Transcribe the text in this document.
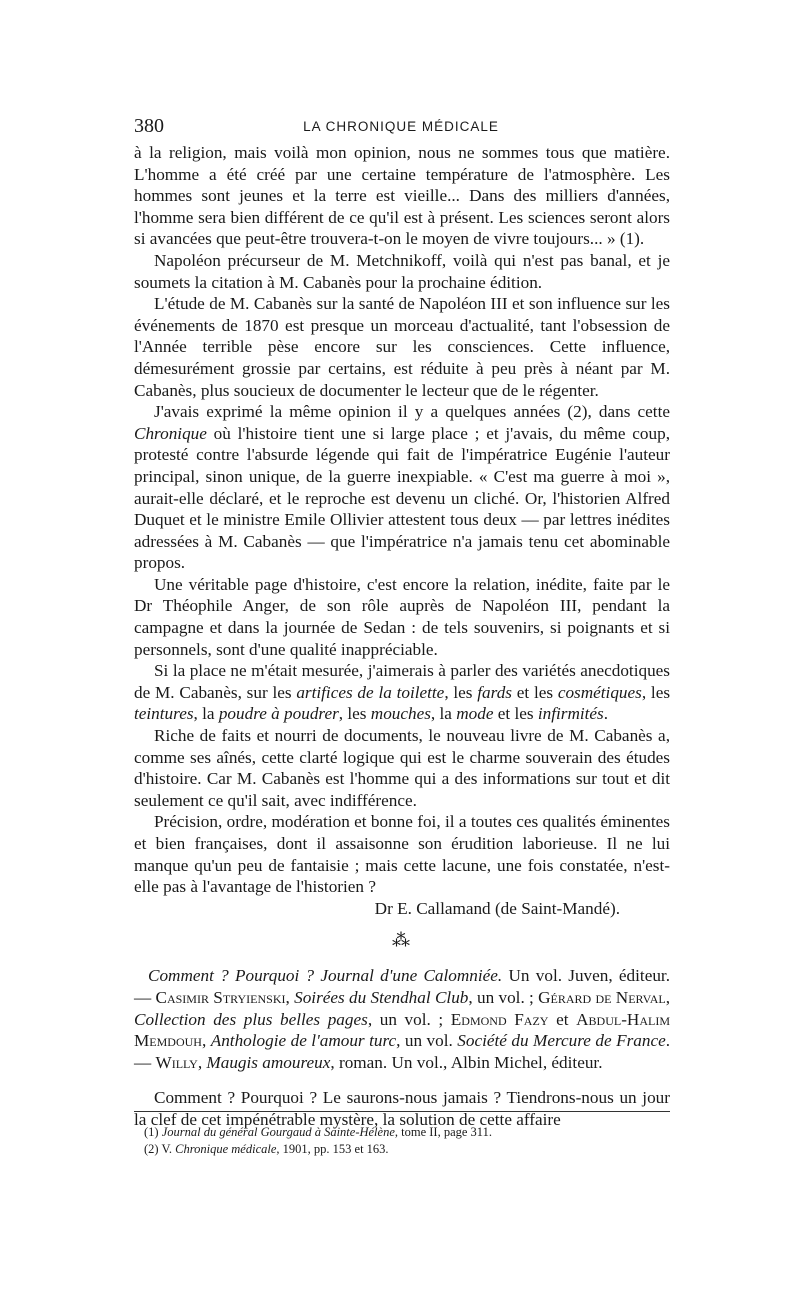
380	LA CHRONIQUE MÉDICALE

à la religion, mais voilà mon opinion, nous ne sommes tous que matière. L'homme a été créé par une certaine température de l'atmosphère. Les hommes sont jeunes et la terre est vieille... Dans des milliers d'années, l'homme sera bien différent de ce qu'il est à présent. Les sciences seront alors si avancées que peut-être trouvera-t-on le moyen de vivre toujours... » (1).

Napoléon précurseur de M. Metchnikoff, voilà qui n'est pas banal, et je soumets la citation à M. Cabanès pour la prochaine édition.

L'étude de M. Cabanès sur la santé de Napoléon III et son influence sur les événements de 1870 est presque un morceau d'actualité, tant l'obsession de l'Année terrible pèse encore sur les consciences. Cette influence, démesurément grossie par certains, est réduite à peu près à néant par M. Cabanès, plus soucieux de documenter le lecteur que de le régenter.

J'avais exprimé la même opinion il y a quelques années (2), dans cette Chronique où l'histoire tient une si large place ; et j'avais, du même coup, protesté contre l'absurde légende qui fait de l'impératrice Eugénie l'auteur principal, sinon unique, de la guerre inexpiable. « C'est ma guerre à moi », aurait-elle déclaré, et le reproche est devenu un cliché. Or, l'historien Alfred Duquet et le ministre Emile Ollivier attestent tous deux — par lettres inédites adressées à M. Cabanès — que l'impératrice n'a jamais tenu cet abominable propos.

Une véritable page d'histoire, c'est encore la relation, inédite, faite par le Dr Théophile Anger, de son rôle auprès de Napoléon III, pendant la campagne et dans la journée de Sedan : de tels souvenirs, si poignants et si personnels, sont d'une qualité inappréciable.

Si la place ne m'était mesurée, j'aimerais à parler des variétés anecdotiques de M. Cabanès, sur les artifices de la toilette, les fards et les cosmétiques, les teintures, la poudre à poudrer, les mouches, la mode et les infirmités.

Riche de faits et nourri de documents, le nouveau livre de M. Cabanès a, comme ses aînés, cette clarté logique qui est le charme souverain des études d'histoire. Car M. Cabanès est l'homme qui a des informations sur tout et dit seulement ce qu'il sait, avec indifférence.

Précision, ordre, modération et bonne foi, il a toutes ces qualités éminentes et bien françaises, dont il assaisonne son érudition laborieuse. Il ne lui manque qu'un peu de fantaisie ; mais cette lacune, une fois constatée, n'est-elle pas à l'avantage de l'historien ?

Dr E. Callamand (de Saint-Mandé).

⁂

Comment ? Pourquoi ? Journal d'une Calomniée. Un vol. Juven, éditeur. — Casimir Stryienski, Soirées du Stendhal Club, un vol. ; Gérard de Nerval, Collection des plus belles pages, un vol. ; Edmond Fazy et Abdul-Halim Memdouh, Anthologie de l'amour turc, un vol. Société du Mercure de France. — Willy, Maugis amoureux, roman. Un vol., Albin Michel, éditeur.

Comment ? Pourquoi ? Le saurons-nous jamais ? Tiendrons-nous un jour la clef de cet impénétrable mystère, la solution de cette affaire

(1) Journal du général Gourgaud à Sainte-Hélène, tome II, page 311.

(2) V. Chronique médicale, 1901, pp. 153 et 163.
